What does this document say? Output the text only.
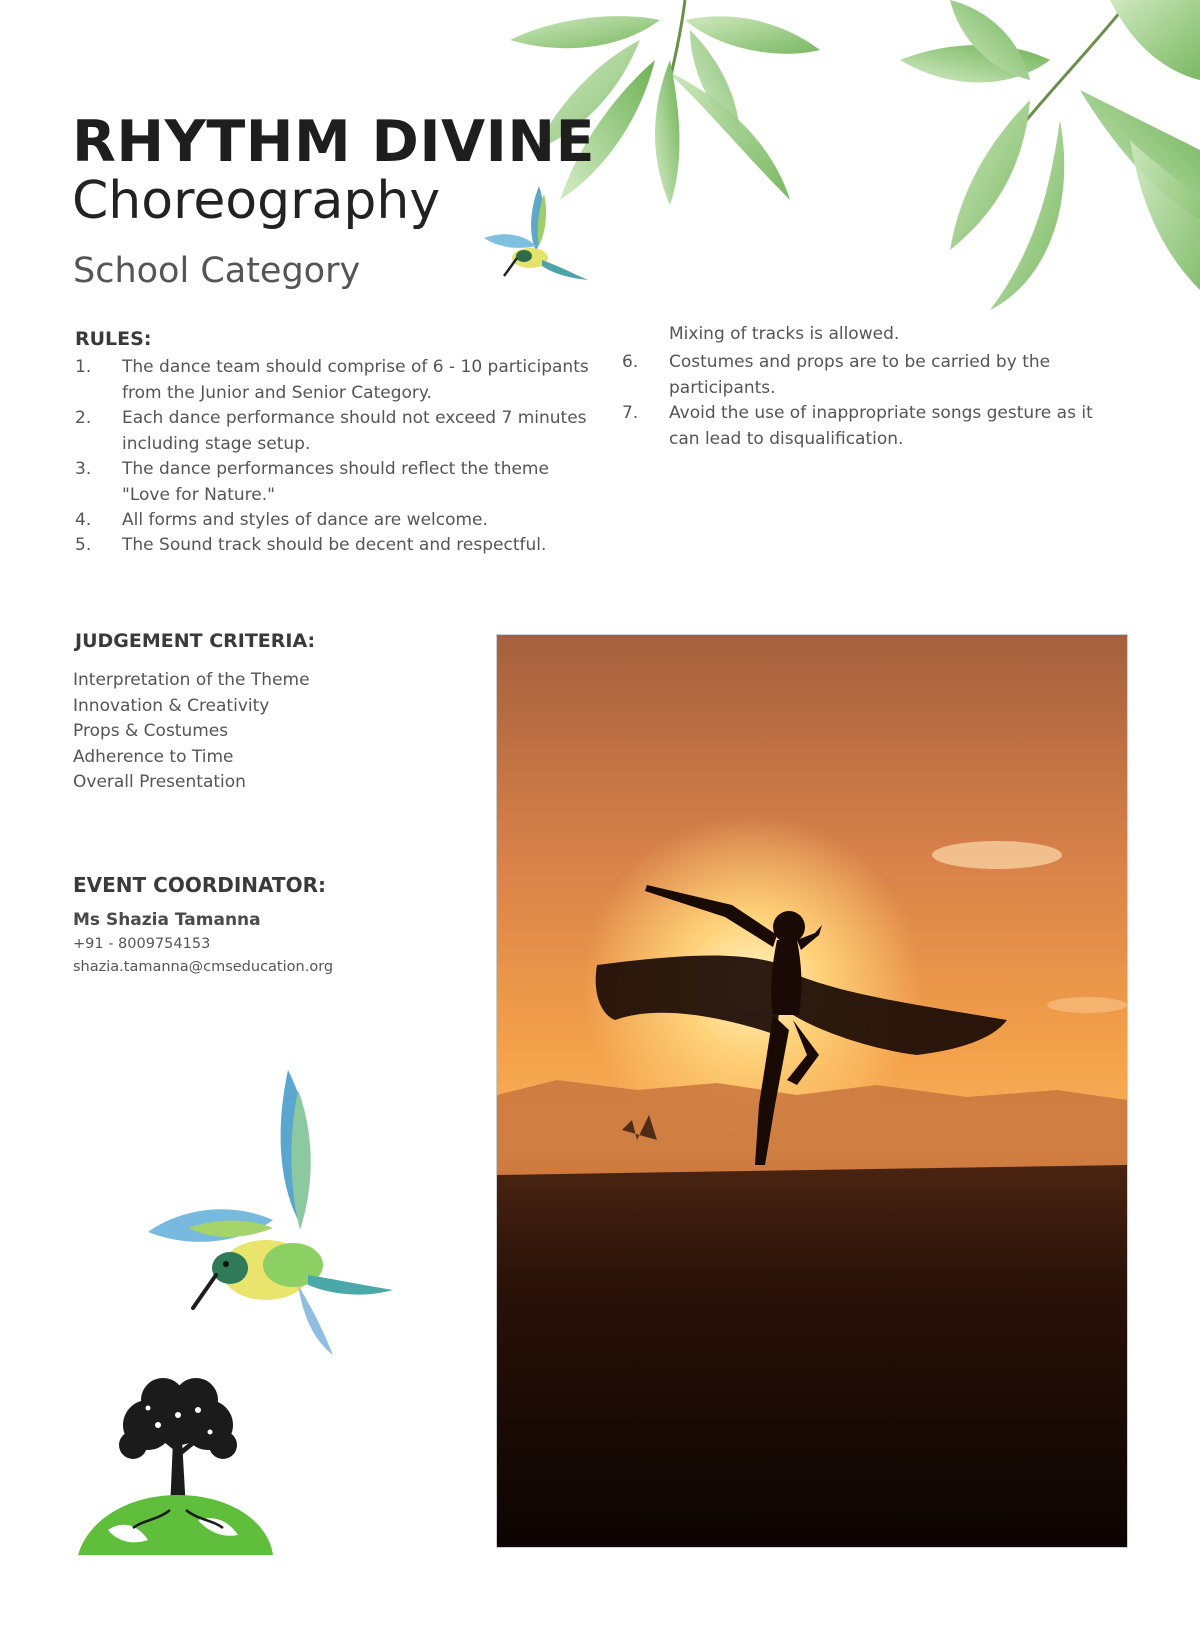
RHYTHM DIVINE
Choreography
School Category
RULES:
1. The dance team should comprise of 6 - 10 participants from the Junior and Senior Category.
2. Each dance performance should not exceed 7 minutes including stage setup.
3. The dance performances should reflect the theme "Love for Nature."
4. All forms and styles of dance are welcome.
5. The Sound track should be decent and respectful.
Mixing of tracks is allowed.
6. Costumes and props are to be carried by the participants.
7. Avoid the use of inappropriate songs gesture as it can lead to disqualification.
JUDGEMENT CRITERIA:
Interpretation of the Theme
Innovation & Creativity
Props & Costumes
Adherence to Time
Overall Presentation
EVENT COORDINATOR:
Ms Shazia Tamanna
+91 - 8009754153
shazia.tamanna@cmseducation.org
